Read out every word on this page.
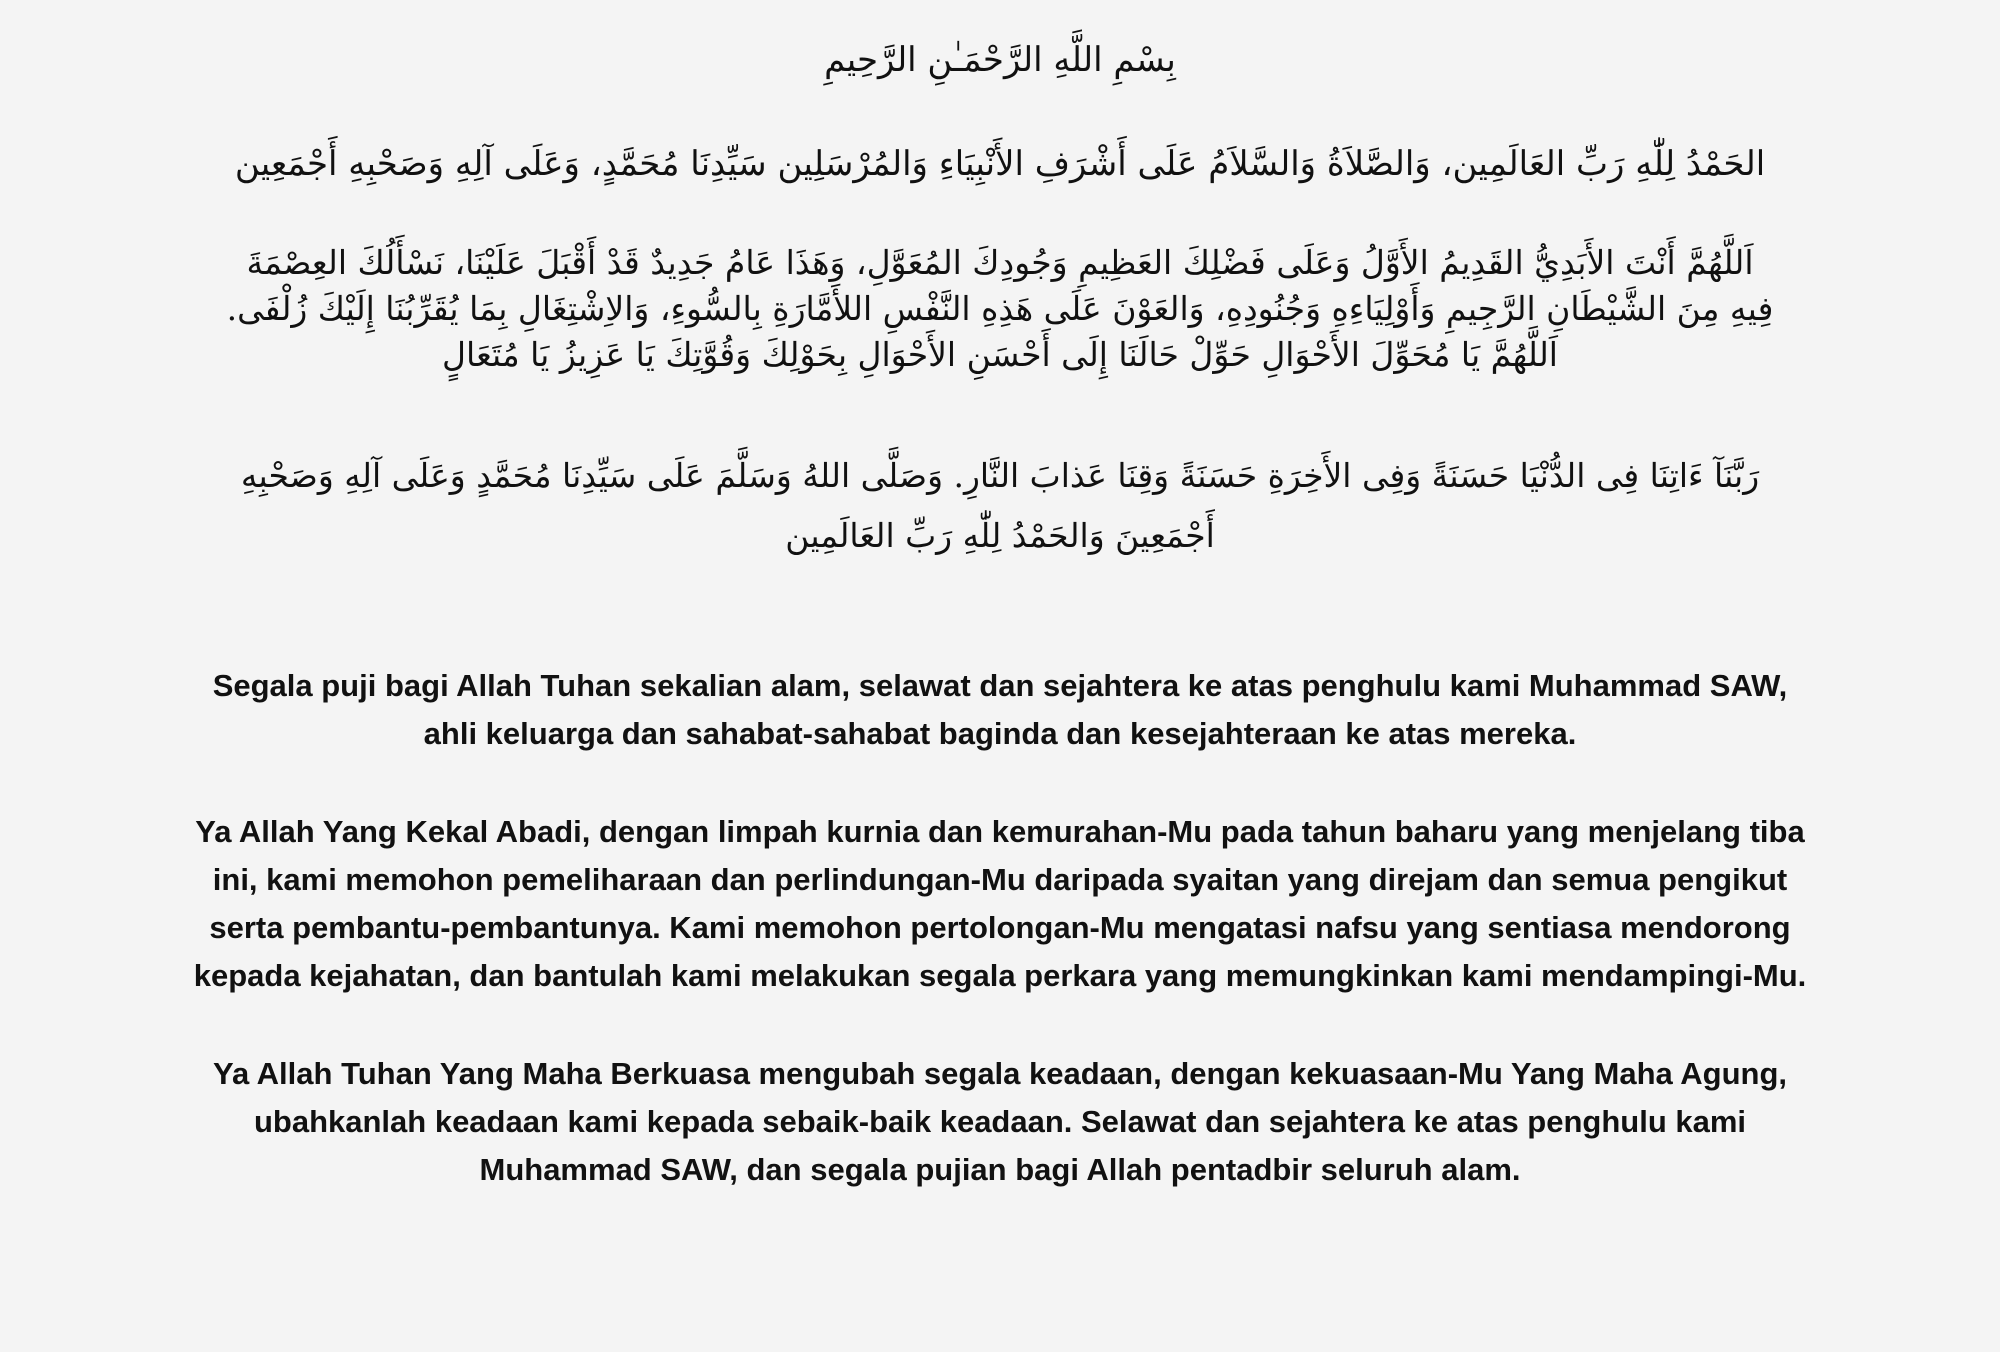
بِسْمِ اللَّهِ الرَّحْمَـٰنِ الرَّحِيمِ
الحَمْدُ لِلّٰهِ رَبِّ العَالَمِين، وَالصَّلاَةُ وَالسَّلاَمُ عَلَى أَشْرَفِ الأَنْبِيَاءِ وَالمُرْسَلِين سَيِّدِنَا مُحَمَّدٍ، وَعَلَى آلِهِ وَصَحْبِهِ أَجْمَعِين
اَللَّهُمَّ أَنْتَ الأَبَدِيُّ القَدِيمُ الأَوَّلُ وَعَلَى فَضْلِكَ العَظِيمِ وَجُودِكَ المُعَوَّلِ، وَهَذَا عَامُ جَدِيدٌ قَدْ أَقْبَلَ عَلَيْنَا، نَسْأَلُكَ العِصْمَةَ
فِيهِ مِنَ الشَّيْطَانِ الرَّجِيمِ وَأَوْلِيَاءِهِ وَجُنُودِهِ، وَالعَوْنَ عَلَى هَذِهِ النَّفْسِ اللأَمَّارَةِ بِالسُّوءِ، وَالاِشْتِغَالِ بِمَا يُقَرِّبُنَا إِلَيْكَ زُلْفَى.
اَللَّهُمَّ يَا مُحَوِّلَ الأَحْوَالِ حَوِّلْ حَالَنَا إِلَى أَحْسَنِ الأَحْوَالِ بِحَوْلِكَ وَقُوَّتِكَ يَا عَزِيزُ يَا مُتَعَالٍ
رَبَّنَآ ءَاتِنَا فِى الدُّنْيَا حَسَنَةً وَفِى الأَخِرَةِ حَسَنَةً وَقِنَا عَذابَ النَّارِ. وَصَلَّى اللهُ وَسَلَّمَ عَلَى سَيِّدِنَا مُحَمَّدٍ وَعَلَى آلِهِ وَصَحْبِهِ
أَجْمَعِينَ وَالحَمْدُ لِلّٰهِ رَبِّ العَالَمِين
Segala puji bagi Allah Tuhan sekalian alam, selawat dan sejahtera ke atas penghulu kami Muhammad SAW,
ahli keluarga dan sahabat-sahabat baginda dan kesejahteraan ke atas mereka.
Ya Allah Yang Kekal Abadi, dengan limpah kurnia dan kemurahan-Mu pada tahun baharu yang menjelang tiba
ini, kami memohon pemeliharaan dan perlindungan-Mu daripada syaitan yang direjam dan semua pengikut
serta pembantu-pembantunya. Kami memohon pertolongan-Mu mengatasi nafsu yang sentiasa mendorong
kepada kejahatan, dan bantulah kami melakukan segala perkara yang memungkinkan kami mendampingi-Mu.
Ya Allah Tuhan Yang Maha Berkuasa mengubah segala keadaan, dengan kekuasaan-Mu Yang Maha Agung,
ubahkanlah keadaan kami kepada sebaik-baik keadaan. Selawat dan sejahtera ke atas penghulu kami
Muhammad SAW, dan segala pujian bagi Allah pentadbir seluruh alam.
